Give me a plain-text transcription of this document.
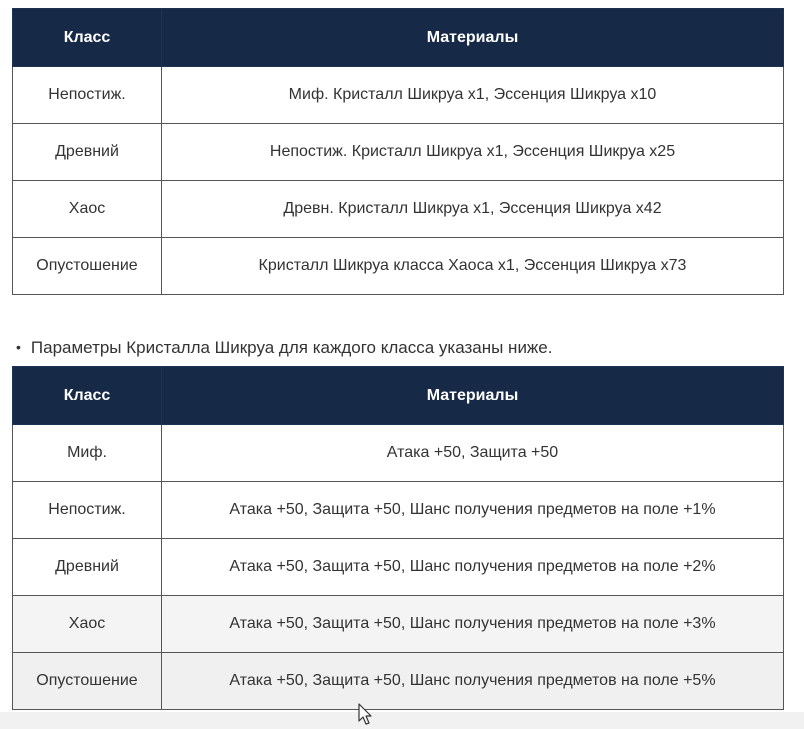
Класс	Материалы
Непостиж.	Миф. Кристалл Шикруа x1, Эссенция Шикруа x10
Древний	Непостиж. Кристалл Шикруа x1, Эссенция Шикруа x25
Хаос	Древн. Кристалл Шикруа x1, Эссенция Шикруа x42
Опустошение	Кристалл Шикруа класса Хаоса x1, Эссенция Шикруа x73
• Параметры Кристалла Шикруа для каждого класса указаны ниже.
Класс	Материалы
Миф.	Атака +50, Защита +50
Непостиж.	Атака +50, Защита +50, Шанс получения предметов на поле +1%
Древний	Атака +50, Защита +50, Шанс получения предметов на поле +2%
Хаос	Атака +50, Защита +50, Шанс получения предметов на поле +3%
Опустошение	Атака +50, Защита +50, Шанс получения предметов на поле +5%
